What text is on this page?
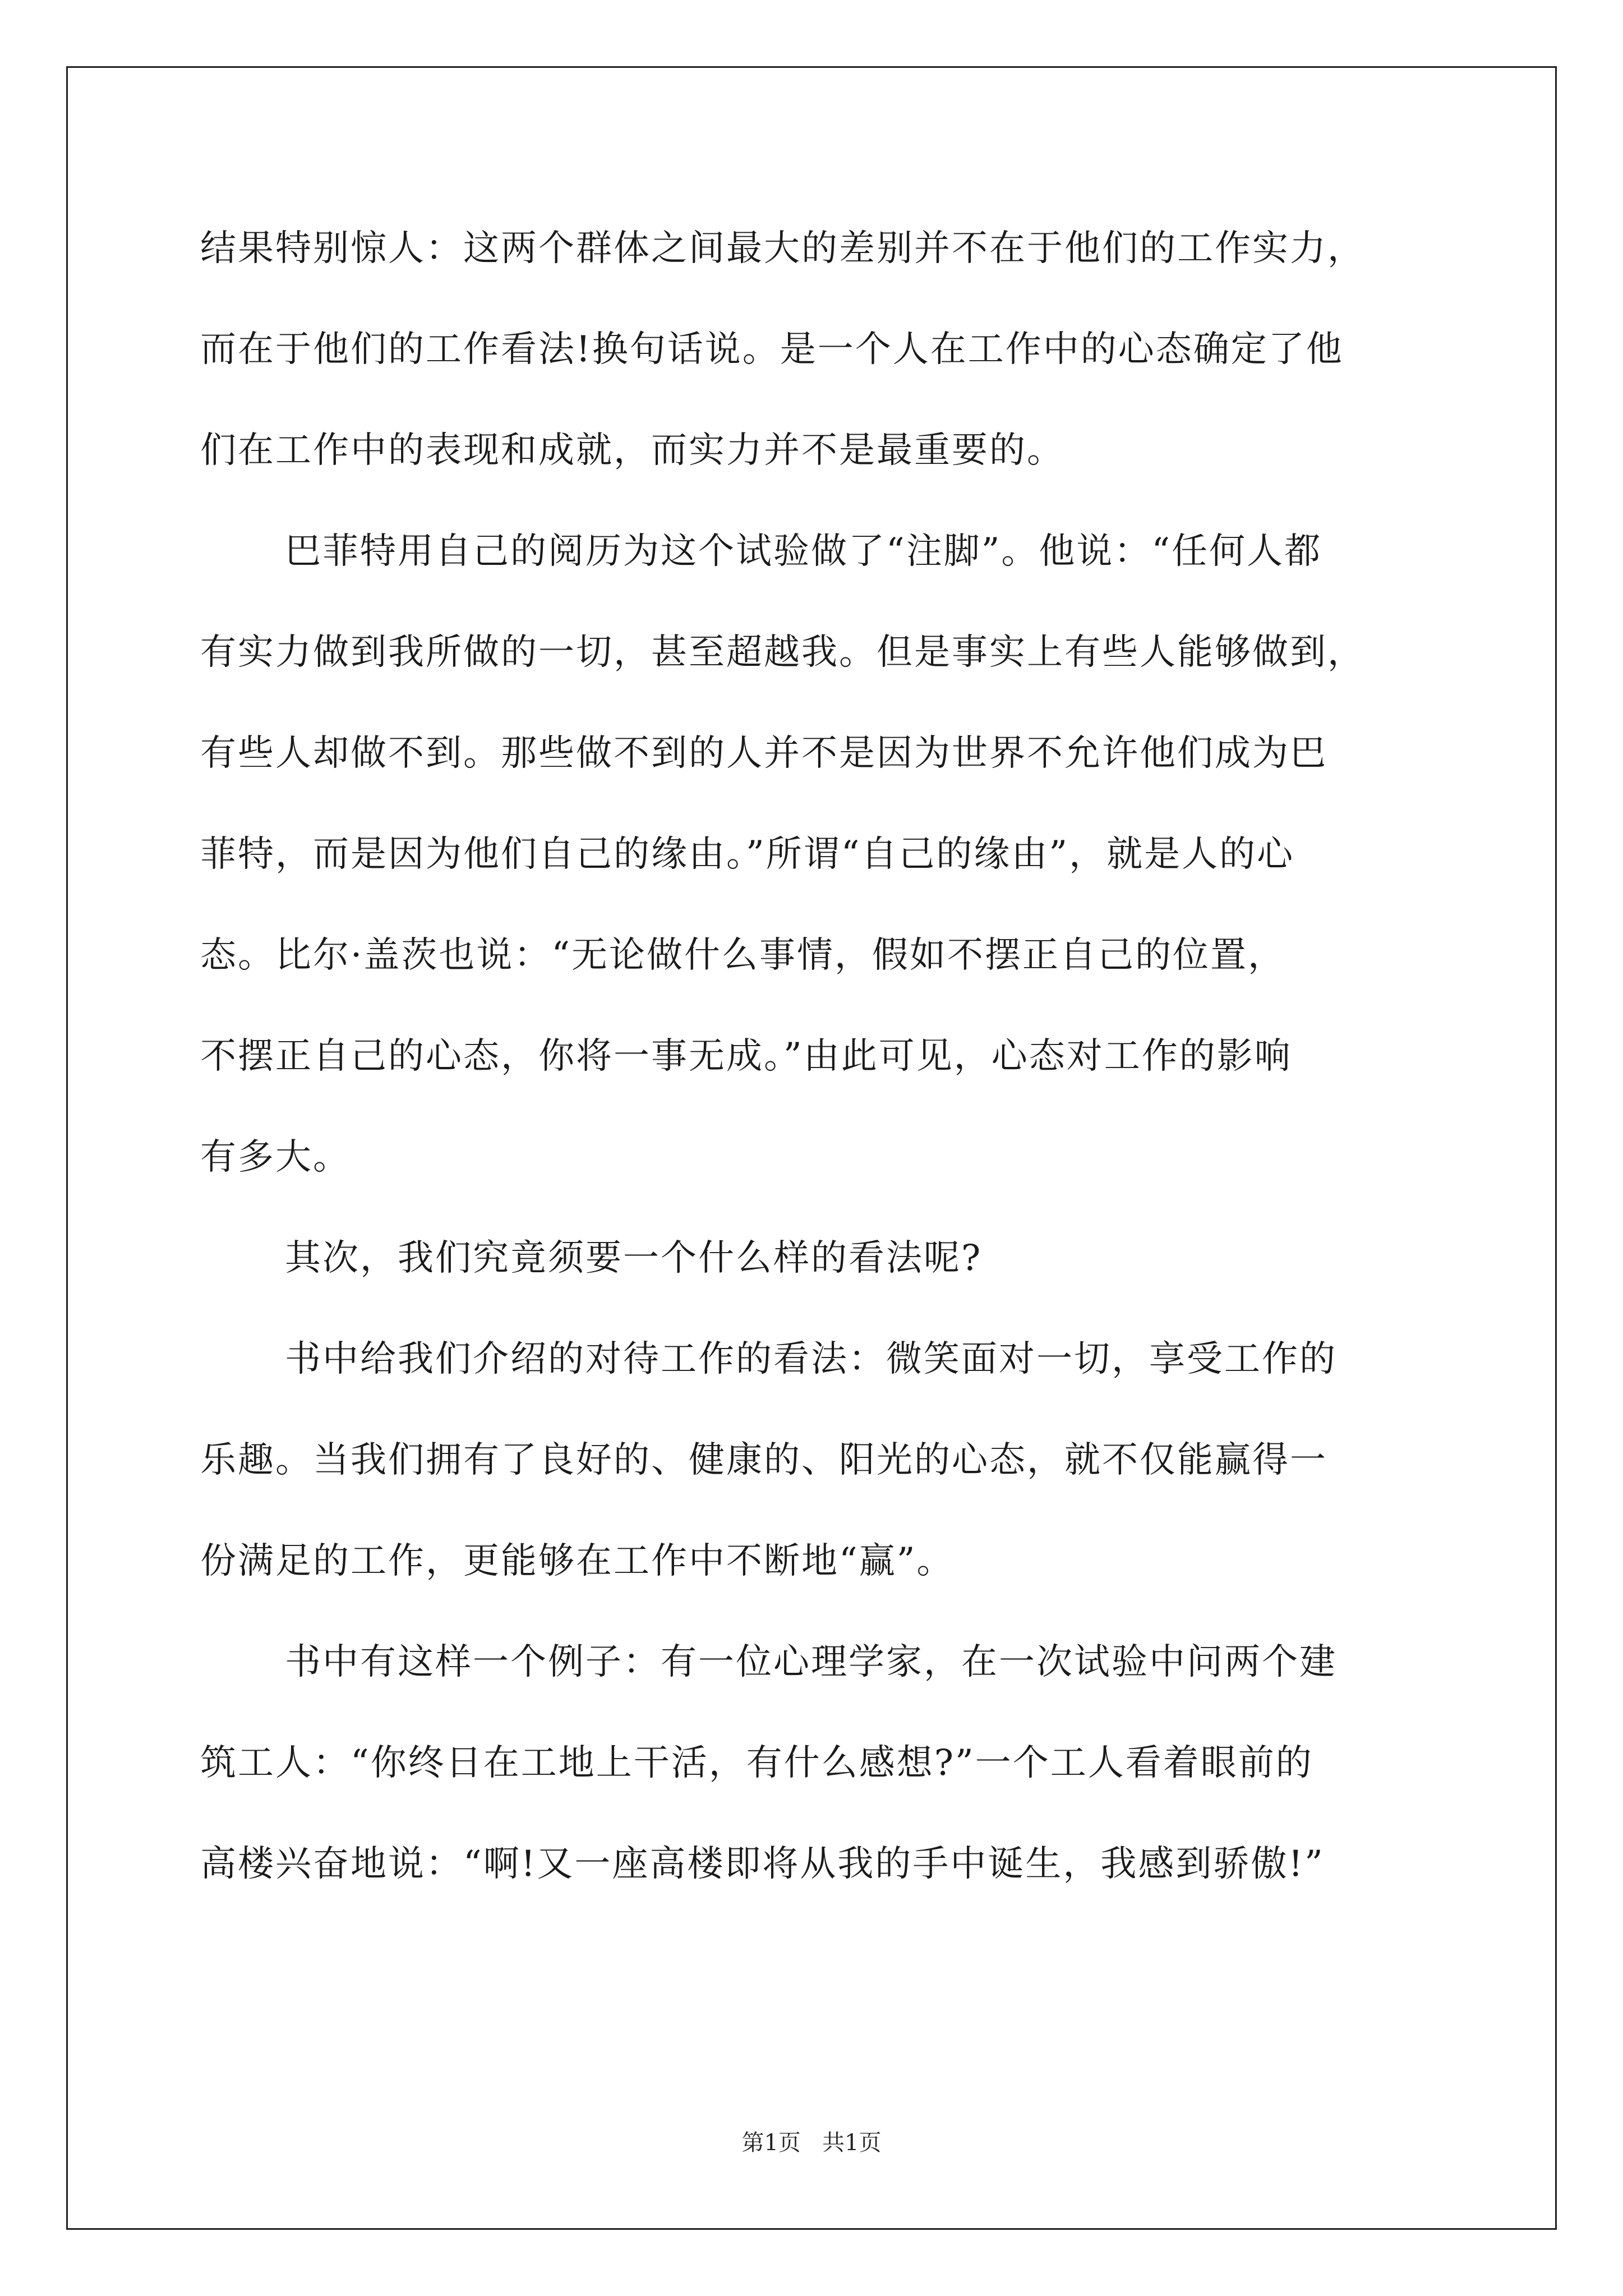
结果特别惊人：这两个群体之间最大的差别并不在于他们的工作实力，
而在于他们的工作看法!换句话说。是一个人在工作中的心态确定了他
们在工作中的表现和成就，而实力并不是最重要的。
巴菲特用自己的阅历为这个试验做了“注脚”。他说：“任何人都
有实力做到我所做的一切，甚至超越我。但是事实上有些人能够做到，
有些人却做不到。那些做不到的人并不是因为世界不允许他们成为巴
菲特，而是因为他们自己的缘由。”所谓“自己的缘由”，就是人的心
态。比尔·盖茨也说：“无论做什么事情，假如不摆正自己的位置，
不摆正自己的心态，你将一事无成。”由此可见，心态对工作的影响
有多大。
其次，我们究竟须要一个什么样的看法呢?
书中给我们介绍的对待工作的看法：微笑面对一切，享受工作的
乐趣。当我们拥有了良好的、健康的、阳光的心态，就不仅能赢得一
份满足的工作，更能够在工作中不断地“赢”。
书中有这样一个例子：有一位心理学家，在一次试验中问两个建
筑工人：“你终日在工地上干活，有什么感想?”一个工人看着眼前的
高楼兴奋地说：“啊!又一座高楼即将从我的手中诞生，我感到骄傲!”
第1页   共1页
